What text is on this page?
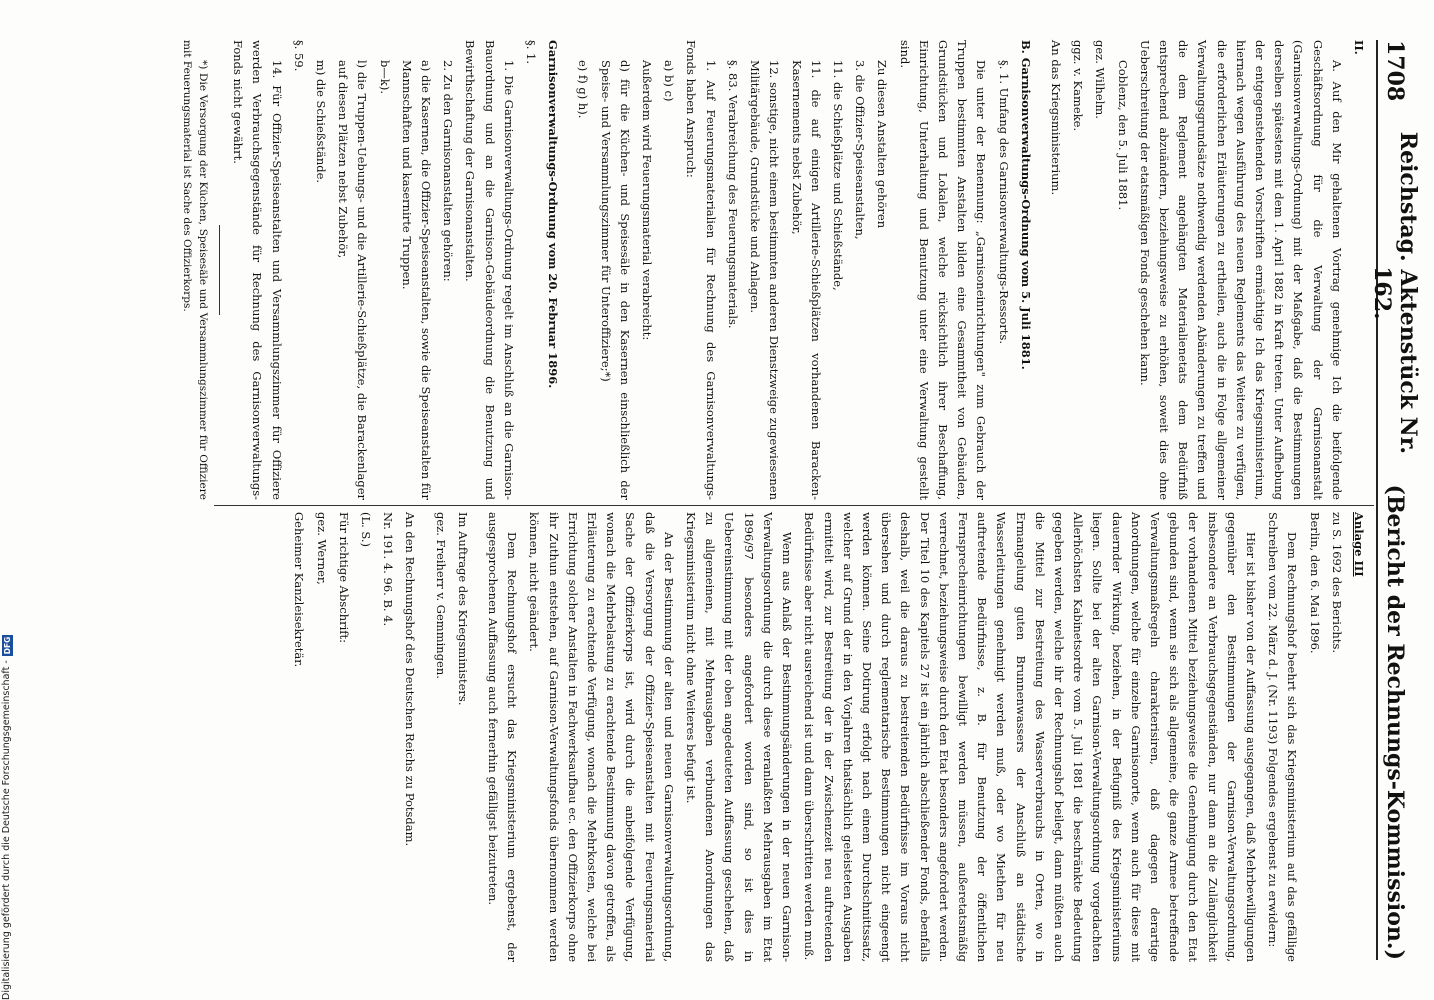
1708
Reichstag. Aktenstück Nr. 162.
(Bericht der Rechnungs-Kommission.)

II.

A. Auf den Mir gehaltenen Vortrag genehmige Ich die beifolgende Geschäftsordnung für die Verwaltung der Garnisonanstalt (Garnisonverwaltungs-Ordnung) mit der Maßgabe, daß die Bestimmungen derselben spätestens mit dem 1. April 1882 in Kraft treten. Unter Aufhebung der entgegenstehenden Vorschriften ermächtige Ich das Kriegsministerium, hiernach wegen Ausführung des neuen Reglements das Weitere zu verfügen, die erforderlichen Erläuterungen zu ertheilen, auch die in Folge allgemeiner Verwaltungsgrundsätze nothwendig werdenden Abänderungen zu treffen und die dem Reglement angehängten Materialienetats dem Bedürfniß entsprechend abzuändern, beziehungsweise zu erhöhen, soweit dies ohne Ueberschreitung der etatsmäßigen Fonds geschehen kann.

Coblenz, den 5. Juli 1881.

gez. Wilhelm.

ggz. v. Kameke.

An das Kriegsministerium.

B. Garnisonverwaltungs-Ordnung vom 5. Juli 1881.

§. 1. Umfang des Garnisonverwaltungs-Ressorts.

Die unter der Benennung: „Garnisoneinrichtungen" zum Gebrauch der Truppen bestimmten Anstalten bilden eine Gesammtheit von Gebäuden, Grundstücken und Lokalen, welche rücksichtlich ihrer Beschaffung, Einrichtung, Unterhaltung und Benutzung unter eine Verwaltung gestellt sind.

Zu diesen Anstalten gehören

3. die Offizier-Speiseanstalten,

11. die Schießplätze und Schießstände,

11. die auf einigen Artillerie-Schießplätzen vorhandenen Baracken-Kasernements nebst Zubehör,

12. sonstige, nicht einem bestimmten anderen Dienstzweige zugewiesenen Militärgebäude, Grundstücke und Anlagen.

§. 83. Verabreichung des Feuerungsmaterials.

1. Auf Feuerungsmaterialien für Rechnung des Garnisonverwaltungs-Fonds haben Anspruch:

a) b) c)

Außerdem wird Feuerungsmaterial verabreicht:

d) für die Küchen- und Speisesäle in den Kasernen einschließlich der Speise- und Versammlungszimmer für Unteroffiziere;*)

e) f) g) h).

Garnisonverwaltungs-Ordnung vom 20. Februar 1896.

§. 1.

1. Die Garnisonverwaltungs-Ordnung regelt im Anschluß an die Garnison-Bauordnung und an die Garnison-Gebäudeordnung die Benutzung und Bewirthschaftung der Garnisonanstalten.

2. Zu den Garnisonanstalten gehören:

a) die Kasernen, die Offizier-Speiseanstalten, sowie die Speiseanstalten für Mannschaften und kasernirte Truppen.

b—k).

l) die Truppen-Uebungs- und die Artillerie-Schießplätze, die Barackenlager auf diesen Plätzen nebst Zubehör,

m) die Schießstände.

§. 59.

14. Für Offizier-Speiseanstalten und Versammlungszimmer für Offiziere werden Verbrauchsgegenstände für Rechnung des Garnisonverwaltungs-Fonds nicht gewährt.

*) Die Versorgung der Küchen, Speisesäle und Versammlungszimmer für Offiziere mit Feuerungsmaterial ist Sache des Offizierkorps.

Anlage III

zu S. 1692 des Berichts.

Berlin, den 6. Mai 1896.

Dem Rechnungshof beehrt sich das Kriegsministerium auf das gefällige Schreiben vom 22. März d. J. (Nr. 1193) Folgendes ergebenst zu erwidern:

Hier ist bisher von der Auffassung ausgegangen, daß Mehrbewilligungen gegenüber den Bestimmungen der Garnison-Verwaltungsordnung, insbesondere an Verbrauchsgegenständen, nur dann an die Zulänglichkeit der vorhandenen Mittel beziehungsweise die Genehmigung durch den Etat gebunden sind, wenn sie sich als allgemeine, die ganze Armee betreffende Verwaltungsmaßregeln charakterisiren, daß dagegen derartige Anordnungen, welche für einzelne Garnisonorte, wenn auch für diese mit dauernder Wirkung, beziehen, in der Befugniß des Kriegsministeriums liegen. Sollte bei der alten Garnison-Verwaltungsordnung vorgedachten Allerhöchsten Kabinetsordre vom 5. Juli 1881 die beschränkte Bedeutung gegeben werden, welche ihr der Rechnungshof beilegt, dann müßten auch die Mittel zur Bestreitung des Wasserverbrauchs in Orten, wo in Ermangelung guten Brunnenwassers der Anschluß an städtische Wasserleitungen genehmigt werden muß, oder wo Miethen für neu auftretende Bedürfnisse, z. B. für Benutzung der öffentlichen Fernsprecheinrichtungen bewilligt werden müssen, außeretatsmäßig verrechnet, beziehungsweise durch den Etat besonders angefordert werden. Der Titel 10 des Kapitels 27 ist ein jährlich abschließender Fonds, ebenfalls deshalb, weil die daraus zu bestreitenden Bedürfnisse im Voraus nicht übersehen und durch reglementarische Bestimmungen nicht eingeengt werden können. Seine Dotirung erfolgt nach einem Durchschnittssatz, welcher auf Grund der in den Vorjahren thatsächlich geleisteten Ausgaben ermittelt wird, zur Bestreitung der in der Zwischenzeit neu auftretenden Bedürfnisse aber nicht ausreichend ist und dann überschritten werden muß.

Wenn aus Anlaß der Bestimmungsänderungen in der neuen Garnison-Verwaltungsordnung die durch diese veranlaßten Mehrausgaben im Etat 1896/97 besonders angefordert worden sind, so ist dies in Uebereinstimmung mit der oben angedeuteten Auffassung geschehen, daß zu allgemeinen, mit Mehrausgaben verbundenen Anordnungen das Kriegsministerium nicht ohne Weiteres befugt ist.

An der Bestimmung der alten und neuen Garnisonverwaltungsordnung, daß die Versorgung der Offizier-Speiseanstalten mit Feuerungsmaterial Sache der Offizierkorps ist, wird durch die anbeifolgende Verfügung, wonach die Mehrbelastung zu erachtende Bestimmung davon getroffen, als Erläuterung zu erachtende Verfügung, wonach die Mehrkosten, welche bei Errichtung solcher Anstalten in Fachwerksaufbau ec. den Offizierkorps ohne ihr Zuthun entstehen, auf Garnison-Verwaltungsfonds übernommen werden können, nicht geändert.

Dem Rechnungshof ersucht das Kriegsministerium ergebenst, der ausgesprochenen Auffassung auch fernerhin gefälligst beizutreten.

Im Auftrage des Kriegsministers.

gez. Freiherr v. Gemmingen.

An den Rechnungshof des Deutschen Reichs zu Potsdam.

Nr. 191. 4. 96. B. 4.

(L. S.)

Für richtige Abschrift:

gez. Werner,

Geheimer Kanzleisekretär.

Digitalisierung gefördert durch die Deutsche Forschungsgemeinschaft -
DFG
